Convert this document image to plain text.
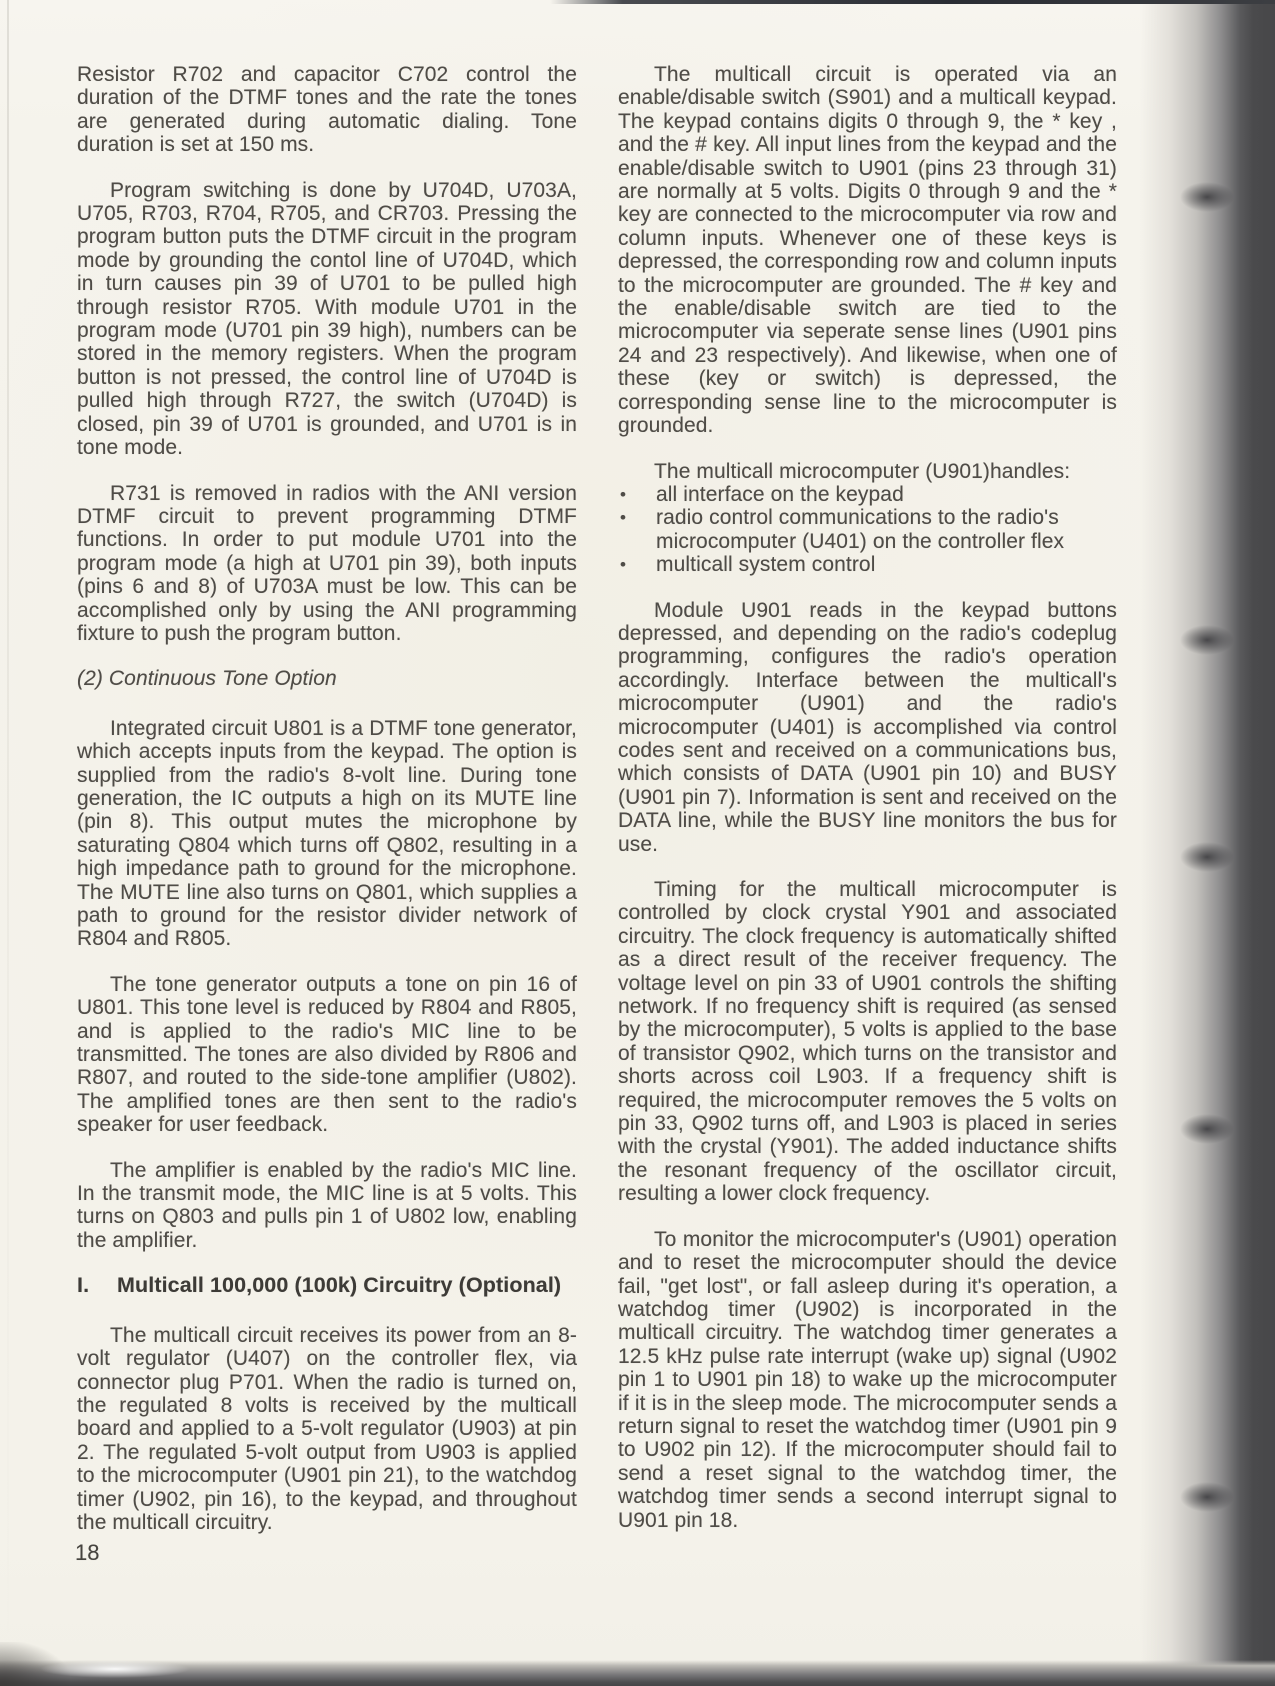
Resistor R702 and capacitor C702 control the duration of the DTMF tones and the rate the tones are generated during automatic dialing. Tone duration is set at 150 ms.

Program switching is done by U704D, U703A, U705, R703, R704, R705, and CR703. Pressing the program button puts the DTMF circuit in the program mode by grounding the contol line of U704D, which in turn causes pin 39 of U701 to be pulled high through resistor R705. With module U701 in the program mode (U701 pin 39 high), numbers can be stored in the memory registers. When the program button is not pressed, the control line of U704D is pulled high through R727, the switch (U704D) is closed, pin 39 of U701 is grounded, and U701 is in tone mode.

R731 is removed in radios with the ANI version DTMF circuit to prevent programming DTMF functions. In order to put module U701 into the program mode (a high at U701 pin 39), both inputs (pins 6 and 8) of U703A must be low. This can be accomplished only by using the ANI programming fixture to push the program button.

(2) Continuous Tone Option

Integrated circuit U801 is a DTMF tone generator, which accepts inputs from the keypad. The option is supplied from the radio's 8-volt line. During tone generation, the IC outputs a high on its MUTE line (pin 8). This output mutes the microphone by saturating Q804 which turns off Q802, resulting in a high impedance path to ground for the microphone. The MUTE line also turns on Q801, which supplies a path to ground for the resistor divider network of R804 and R805.

The tone generator outputs a tone on pin 16 of U801. This tone level is reduced by R804 and R805, and is applied to the radio's MIC line to be transmitted. The tones are also divided by R806 and R807, and routed to the side-tone amplifier (U802). The amplified tones are then sent to the radio's speaker for user feedback.

The amplifier is enabled by the radio's MIC line. In the transmit mode, the MIC line is at 5 volts. This turns on Q803 and pulls pin 1 of U802 low, enabling the amplifier.

I.	Multicall 100,000 (100k) Circuitry (Optional)

The multicall circuit receives its power from an 8-volt regulator (U407) on the controller flex, via connector plug P701. When the radio is turned on, the regulated 8 volts is received by the multicall board and applied to a 5-volt regulator (U903) at pin 2. The regulated 5-volt output from U903 is applied to the microcomputer (U901 pin 21), to the watchdog timer (U902, pin 16), to the keypad, and throughout the multicall circuitry.

The multicall circuit is operated via an enable/disable switch (S901) and a multicall keypad. The keypad contains digits 0 through 9, the * key , and the # key. All input lines from the keypad and the enable/disable switch to U901 (pins 23 through 31) are normally at 5 volts. Digits 0 through 9 and the * key are connected to the microcomputer via row and column inputs. Whenever one of these keys is depressed, the corresponding row and column inputs to the microcomputer are grounded. The # key and the enable/disable switch are tied to the microcomputer via seperate sense lines (U901 pins 24 and 23 respectively). And likewise, when one of these (key or switch) is depressed, the corresponding sense line to the microcomputer is grounded.

The multicall microcomputer (U901)handles:

•	all interface on the keypad
•	radio control communications to the radio's microcomputer (U401) on the controller flex
•	multicall system control

Module U901 reads in the keypad buttons depressed, and depending on the radio's codeplug programming, configures the radio's operation accordingly. Interface between the multicall's microcomputer (U901) and the radio's microcomputer (U401) is accomplished via control codes sent and received on a communications bus, which consists of DATA (U901 pin 10) and BUSY (U901 pin 7). Information is sent and received on the DATA line, while the BUSY line monitors the bus for use.

Timing for the multicall microcomputer is controlled by clock crystal Y901 and associated circuitry. The clock frequency is automatically shifted as a direct result of the receiver frequency. The voltage level on pin 33 of U901 controls the shifting network. If no frequency shift is required (as sensed by the microcomputer), 5 volts is applied to the base of transistor Q902, which turns on the transistor and shorts across coil L903. If a frequency shift is required, the microcomputer removes the 5 volts on pin 33, Q902 turns off, and L903 is placed in series with the crystal (Y901). The added inductance shifts the resonant frequency of the oscillator circuit, resulting a lower clock frequency.

To monitor the microcomputer's (U901) operation and to reset the microcomputer should the device fail, "get lost", or fall asleep during it's operation, a watchdog timer (U902) is incorporated in the multicall circuitry. The watchdog timer generates a 12.5 kHz pulse rate interrupt (wake up) signal (U902 pin 1 to U901 pin 18) to wake up the microcomputer if it is in the sleep mode. The microcomputer sends a return signal to reset the watchdog timer (U901 pin 9 to U902 pin 12). If the microcomputer should fail to send a reset signal to the watchdog timer, the watchdog timer sends a second interrupt signal to U901 pin 18.

18
